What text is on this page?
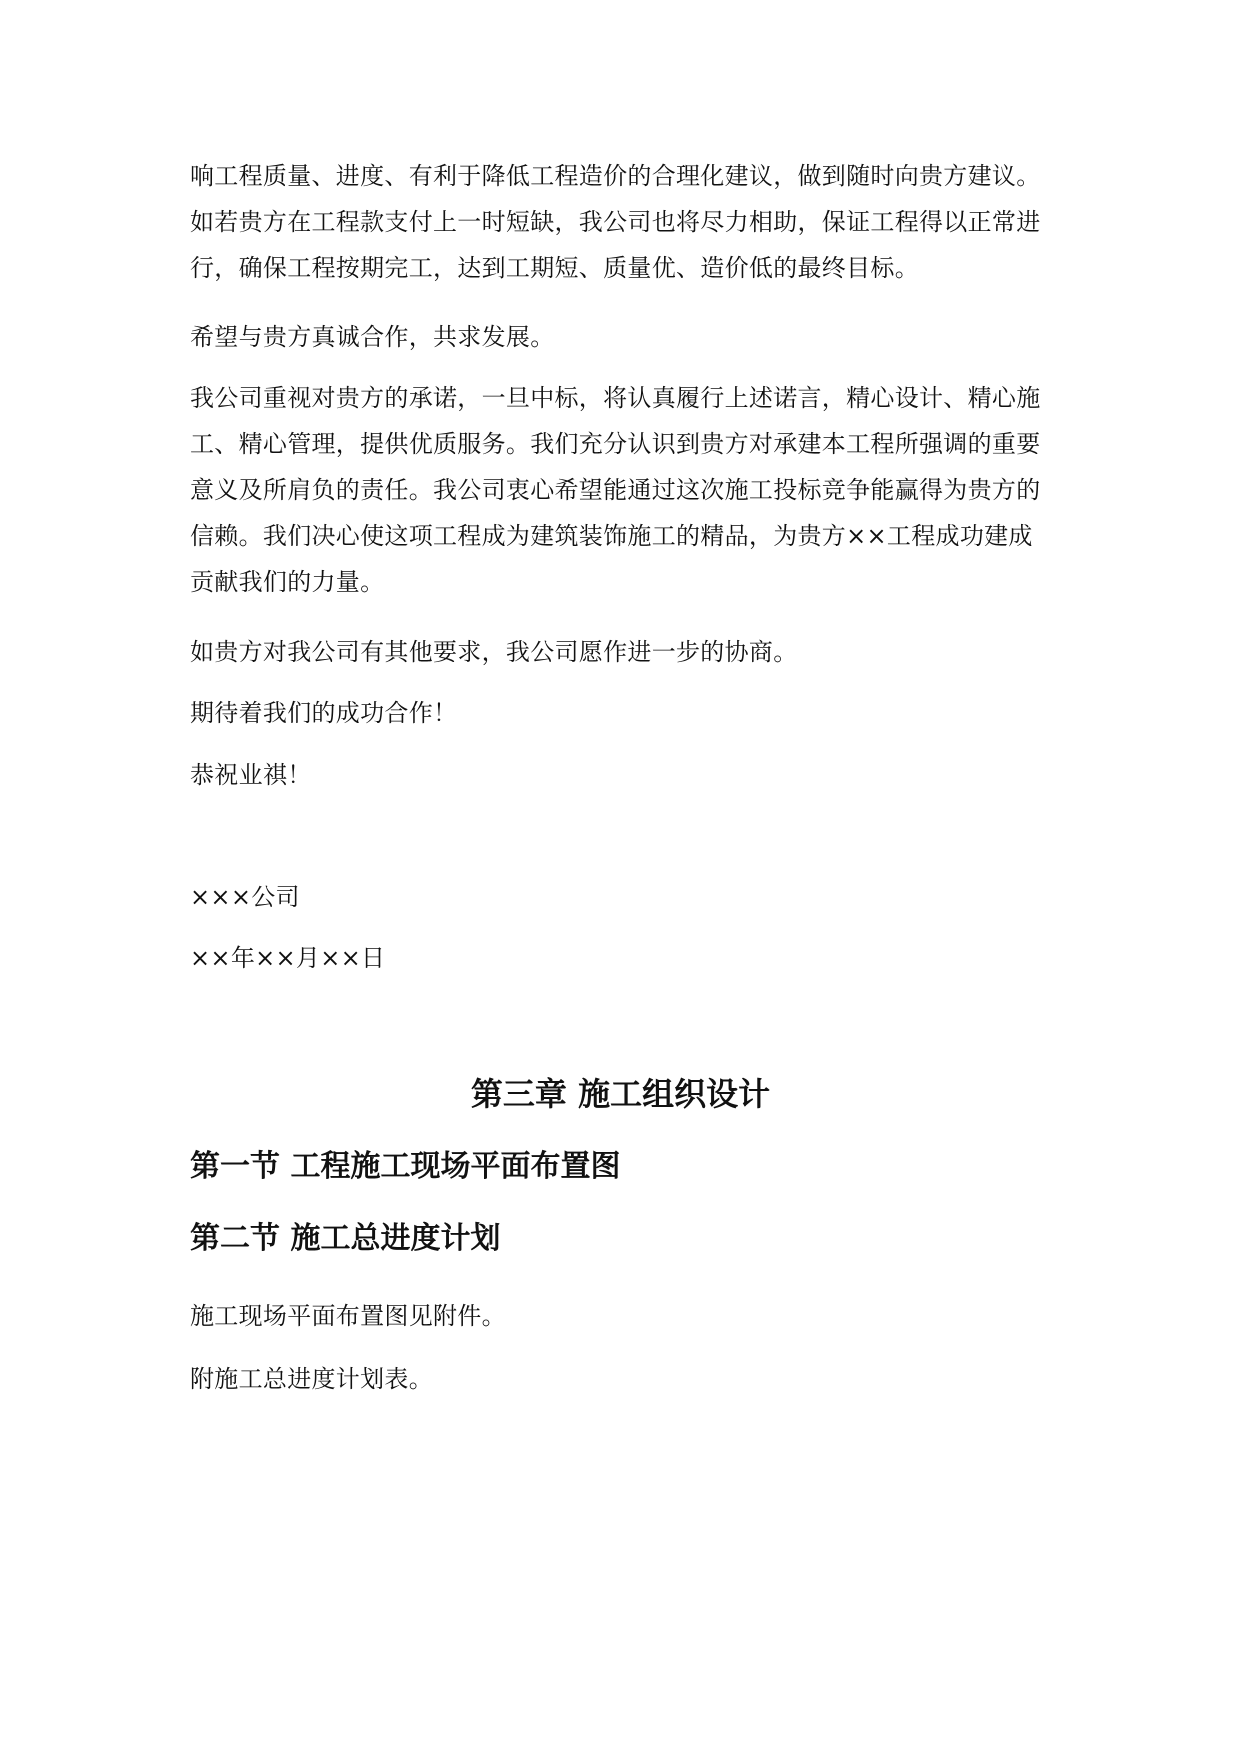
响工程质量、进度、有利于降低工程造价的合理化建议，做到随时向贵方建议。
如若贵方在工程款支付上一时短缺，我公司也将尽力相助，保证工程得以正常进
行，确保工程按期完工，达到工期短、质量优、造价低的最终目标。
希望与贵方真诚合作，共求发展。
我公司重视对贵方的承诺，一旦中标，将认真履行上述诺言，精心设计、精心施
工、精心管理，提供优质服务。我们充分认识到贵方对承建本工程所强调的重要
意义及所肩负的责任。我公司衷心希望能通过这次施工投标竞争能赢得为贵方的
信赖。我们决心使这项工程成为建筑装饰施工的精品，为贵方××工程成功建成
贡献我们的力量。
如贵方对我公司有其他要求，我公司愿作进一步的协商。
期待着我们的成功合作！
恭祝业祺！
×××公司
××年××月××日
第三章 施工组织设计
第一节 工程施工现场平面布置图
第二节 施工总进度计划
施工现场平面布置图见附件。
附施工总进度计划表。
